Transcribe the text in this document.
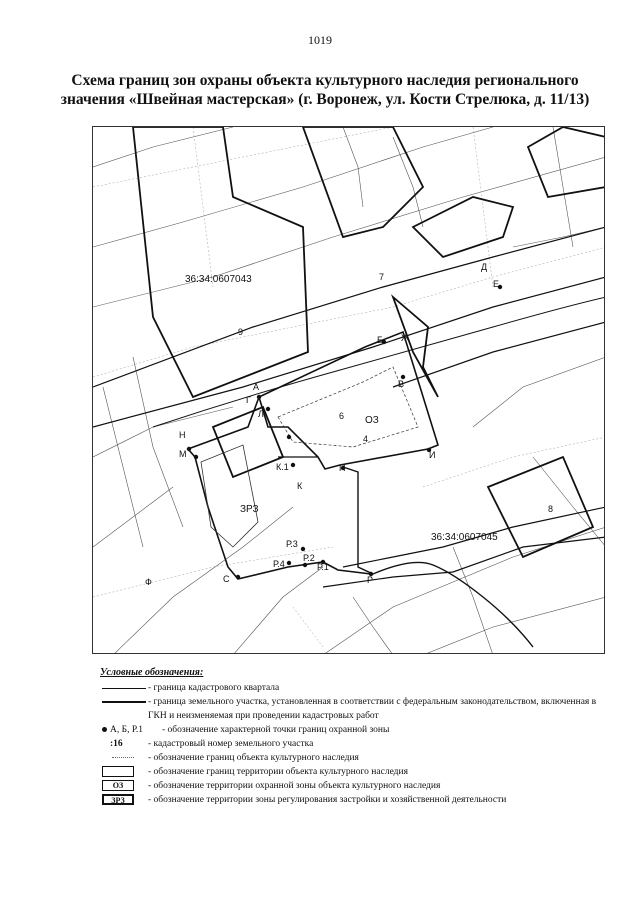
1019
Схема границ зон охраны объекта культурного наследия регионального
значения «Швейная мастерская» (г. Воронеж, ул. Кости Стрелюка, д. 11/13)
36:34:0607043
36:34:0607045
7
9
6
4
8
Ф
ОЗ
ЗРЗ
А
Б
В
Г
Д
Е
Ж
И
К
К.1
Л
М
Н
П
Р
Р.1
Р.2
Р.3
Р.4
С
Условные обозначения:
- граница кадастрового квартала
- граница земельного участка, установленная в соответствии с федеральным законодательством, включенная в ГКН и неизменяемая при проведении кадастровых работ
А, Б, Р.1 - обозначение характерной точки границ охранной зоны
:16	- кадастровый номер земельного участка
- обозначение границ объекта культурного наследия
- обозначение границ территории объекта культурного наследия
ОЗ	- обозначение территории охранной зоны объекта культурного наследия
ЗРЗ	- обозначение территории зоны регулирования застройки и хозяйственной деятельности
